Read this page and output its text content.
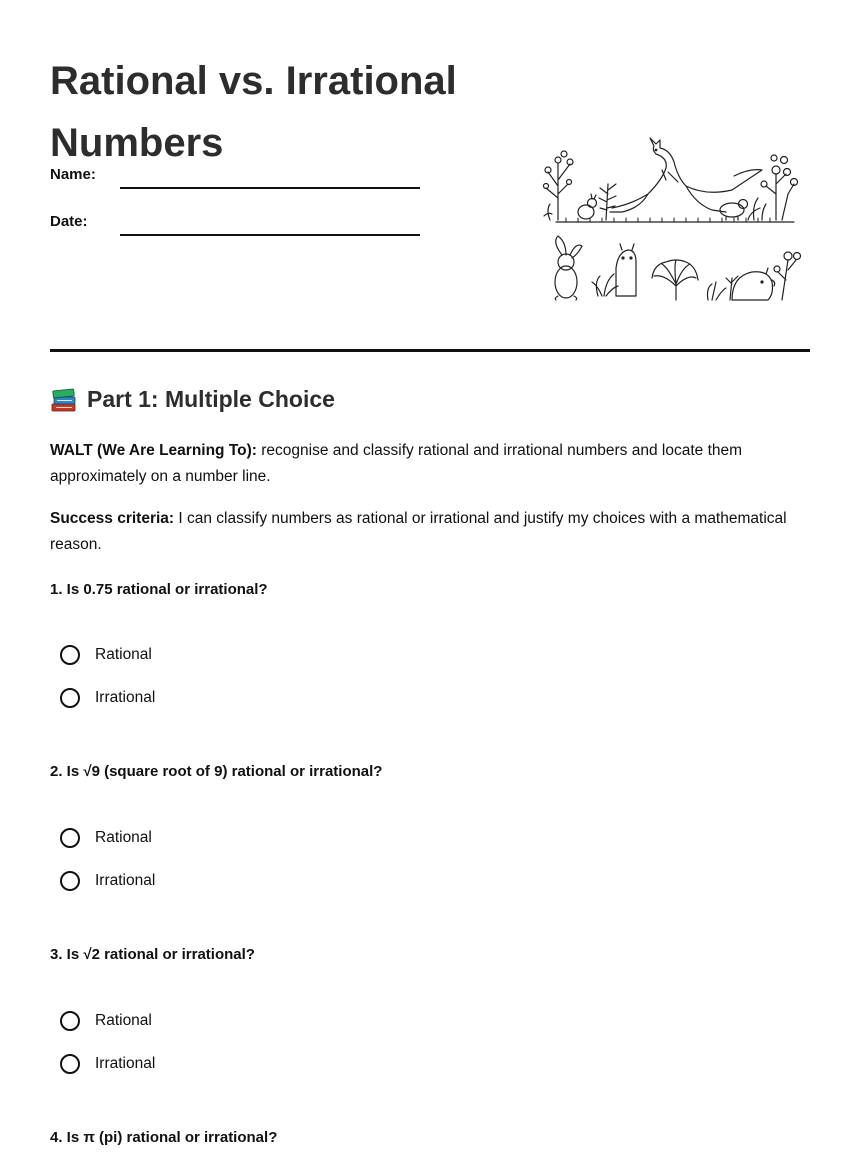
Rational vs. Irrational Numbers
Name:
Date:
Part 1: Multiple Choice

WALT (We Are Learning To): recognise and classify rational and irrational numbers and locate them approximately on a number line.

Success criteria: I can classify numbers as rational or irrational and justify my choices with a mathematical reason.

1. Is 0.75 rational or irrational?

Rational
Irrational

2. Is √9 (square root of 9) rational or irrational?

Rational
Irrational

3. Is √2 rational or irrational?

Rational
Irrational

4. Is π (pi) rational or irrational?
